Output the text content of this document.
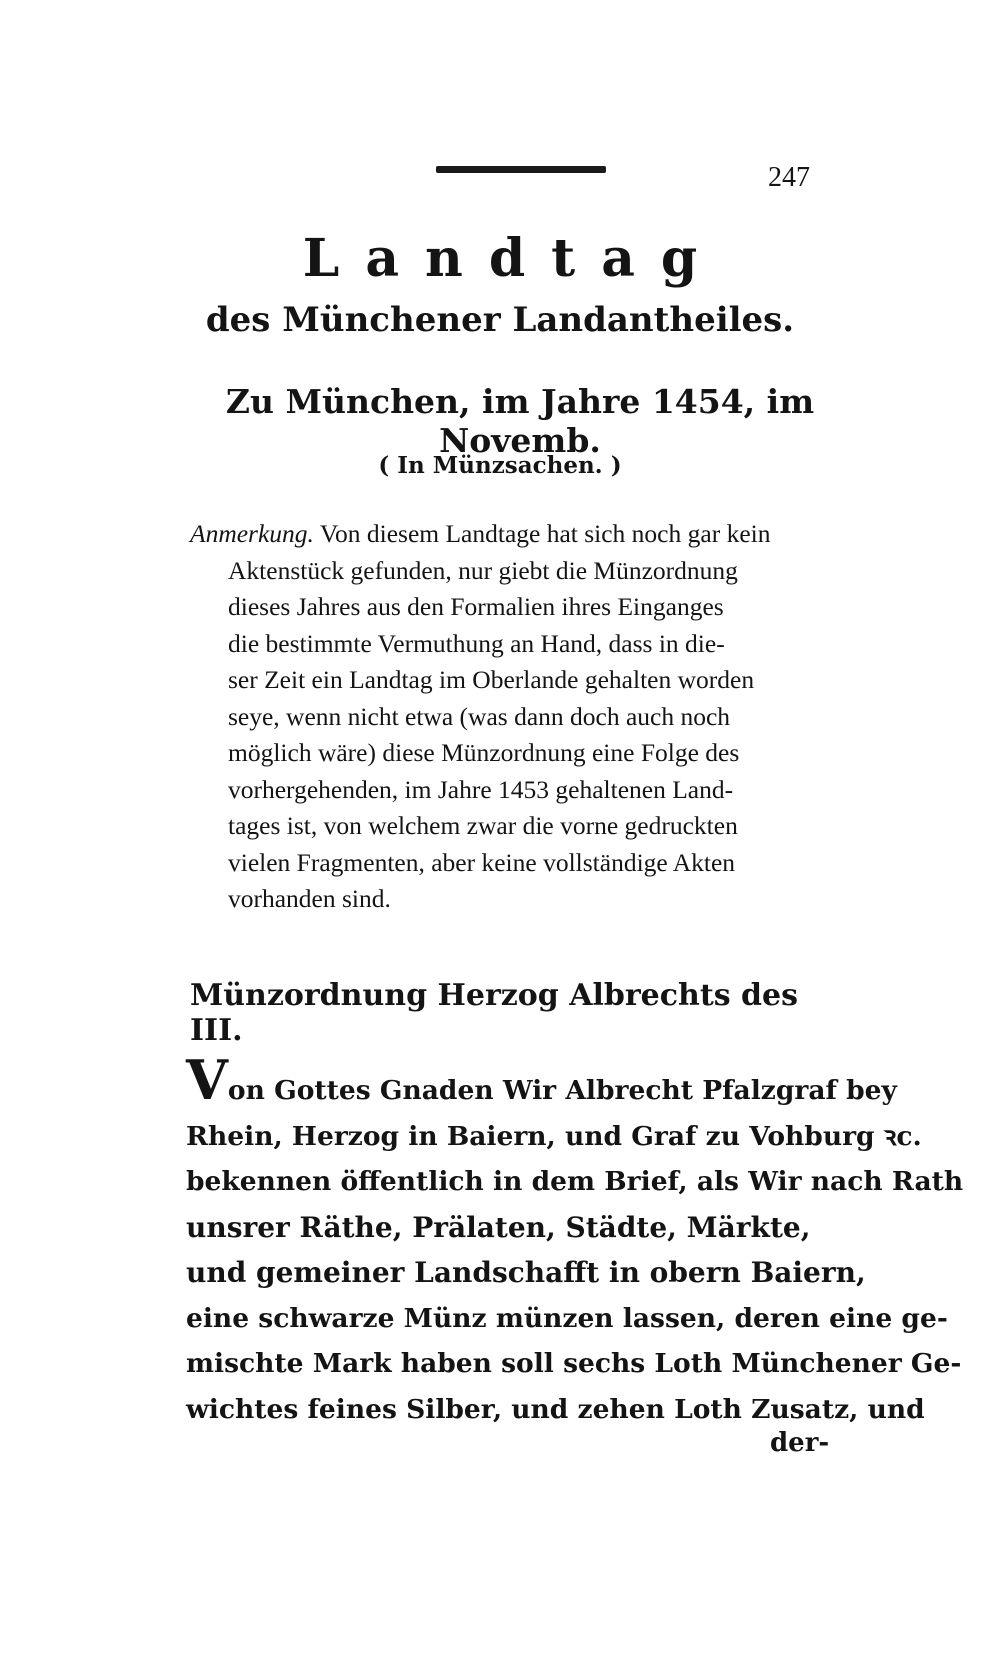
247
Landtag
des Münchener Landantheiles.
Zu München, im Jahre 1454, im Novemb.
( In Münzsachen. )
Anmerkung. Von diesem Landtage hat sich noch gar kein
Aktenstück gefunden, nur giebt die Münzordnung
dieses Jahres aus den Formalien ihres Einganges
die bestimmte Vermuthung an Hand, dass in die-
ser Zeit ein Landtag im Oberlande gehalten worden
seye, wenn nicht etwa (was dann doch auch noch
möglich wäre) diese Münzordnung eine Folge des
vorhergehenden, im Jahre 1453 gehaltenen Land-
tages ist, von welchem zwar die vorne gedruckten
vielen Fragmenten, aber keine vollständige Akten
vorhanden sind.
Münzordnung Herzog Albrechts des III.
Von Gottes Gnaden Wir Albrecht Pfalzgraf bey
Rhein, Herzog in Baiern, und Graf zu Vohburg ꝛc.
bekennen öffentlich in dem Brief, als Wir nach Rath
unsrer Räthe, Prälaten, Städte, Märkte,
und gemeiner Landschafft in obern Baiern,
eine schwarze Münz münzen lassen, deren eine ge-
mischte Mark haben soll sechs Loth Münchener Ge-
wichtes feines Silber, und zehen Loth Zusatz, und
der-
